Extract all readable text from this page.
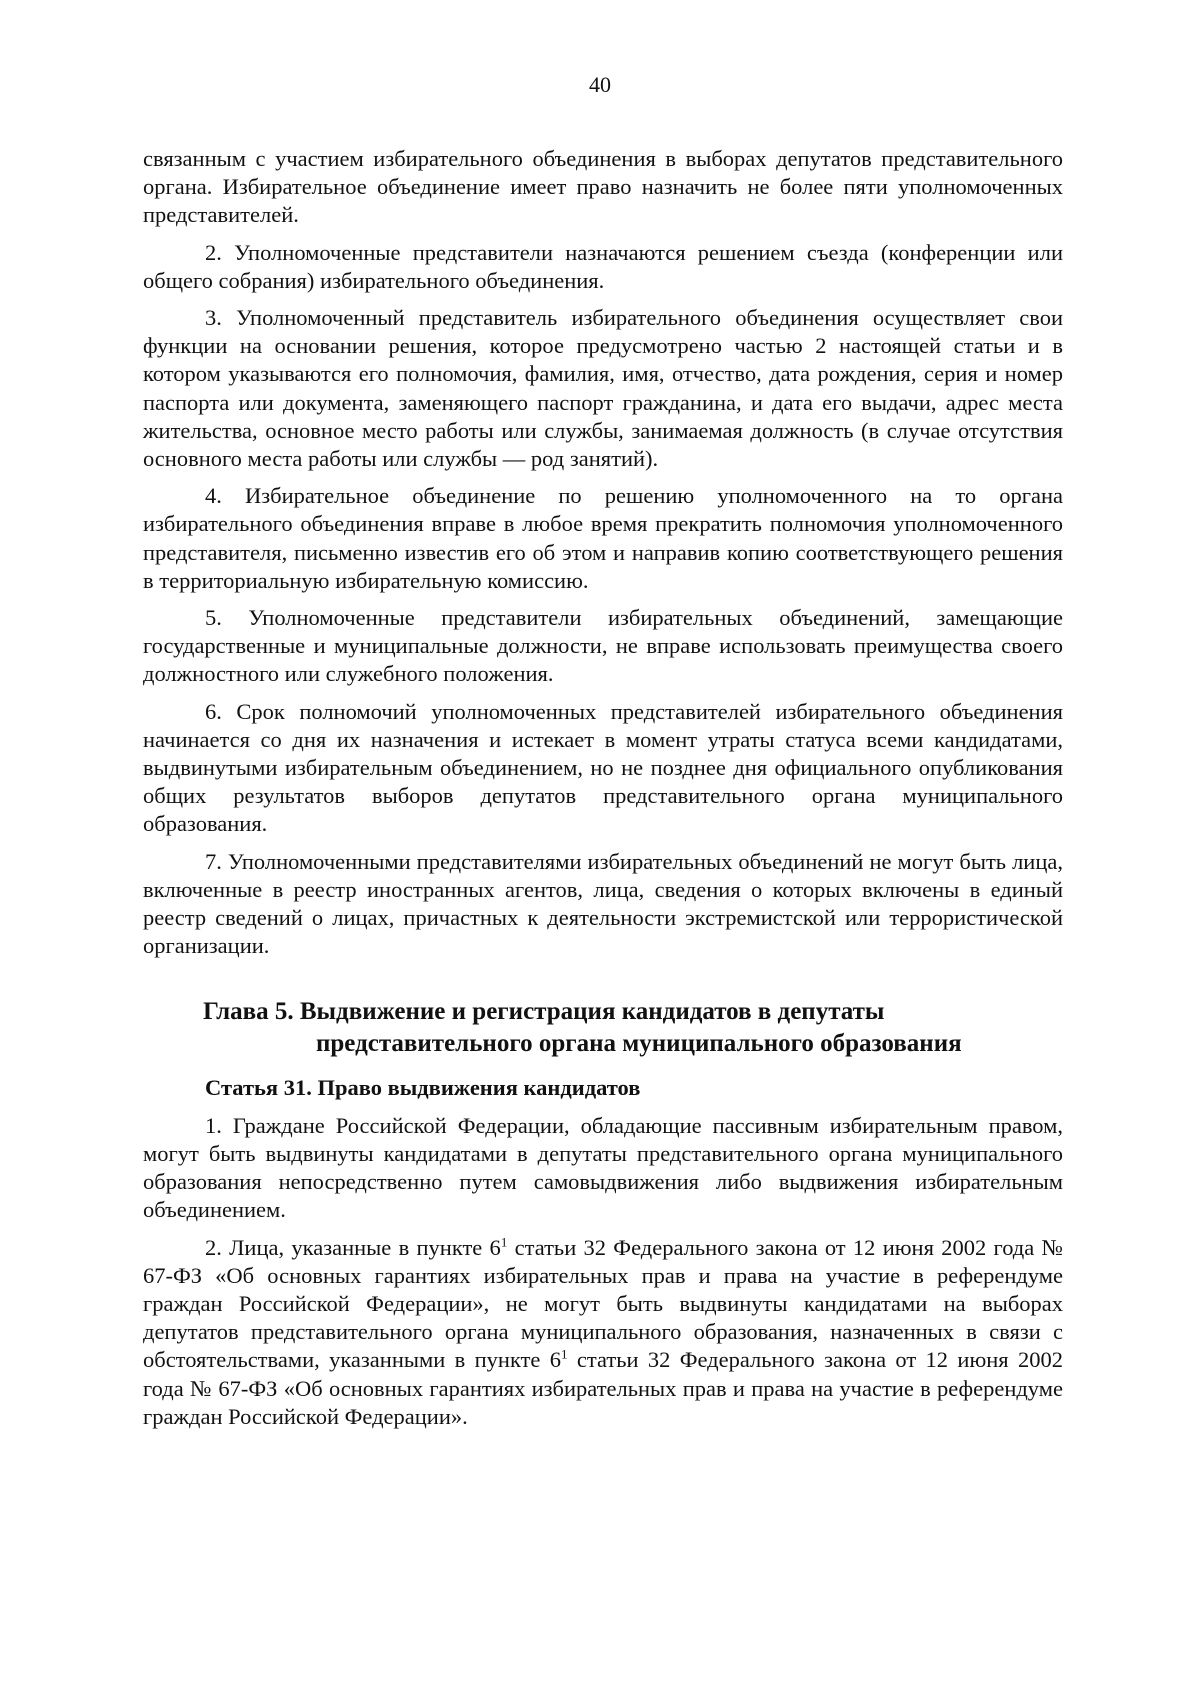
40

связанным с участием избирательного объединения в выборах депутатов представительного органа. Избирательное объединение имеет право назначить не более пяти уполномоченных представителей.

2. Уполномоченные представители назначаются решением съезда (конференции или общего собрания) избирательного объединения.

3. Уполномоченный представитель избирательного объединения осуществляет свои функции на основании решения, которое предусмотрено частью 2 настоящей статьи и в котором указываются его полномочия, фамилия, имя, отчество, дата рождения, серия и номер паспорта или документа, заменяющего паспорт гражданина, и дата его выдачи, адрес места жительства, основное место работы или службы, занимаемая должность (в случае отсутствия основного места работы или службы — род занятий).

4. Избирательное объединение по решению уполномоченного на то органа избирательного объединения вправе в любое время прекратить полномочия уполномоченного представителя, письменно известив его об этом и направив копию соответствующего решения в территориальную избирательную комиссию.

5. Уполномоченные представители избирательных объединений, замещающие государственные и муниципальные должности, не вправе использовать преимущества своего должностного или служебного положения.

6. Срок полномочий уполномоченных представителей избирательного объединения начинается со дня их назначения и истекает в момент утраты статуса всеми кандидатами, выдвинутыми избирательным объединением, но не позднее дня официального опубликования общих результатов выборов депутатов представительного органа муниципального образования.

7. Уполномоченными представителями избирательных объединений не могут быть лица, включенные в реестр иностранных агентов, лица, сведения о которых включены в единый реестр сведений о лицах, причастных к деятельности экстремистской или террористической организации.

Глава 5. Выдвижение и регистрация кандидатов в депутаты
представительного органа муниципального образования
Статья 31. Право выдвижения кандидатов

1. Граждане Российской Федерации, обладающие пассивным избирательным правом, могут быть выдвинуты кандидатами в депутаты представительного органа муниципального образования непосредственно путем самовыдвижения либо выдвижения избирательным объединением.

2. Лица, указанные в пункте $6^1$ статьи 32 Федерального закона от 12 июня 2002 года № 67-ФЗ «Об основных гарантиях избирательных прав и права на участие в референдуме граждан Российской Федерации», не могут быть выдвинуты кандидатами на выборах депутатов представительного органа муниципального образования, назначенных в связи с обстоятельствами, указанными в пункте $6^1$ статьи 32 Федерального закона от 12 июня 2002 года № 67-ФЗ «Об основных гарантиях избирательных прав и права на участие в референдуме граждан Российской Федерации».
